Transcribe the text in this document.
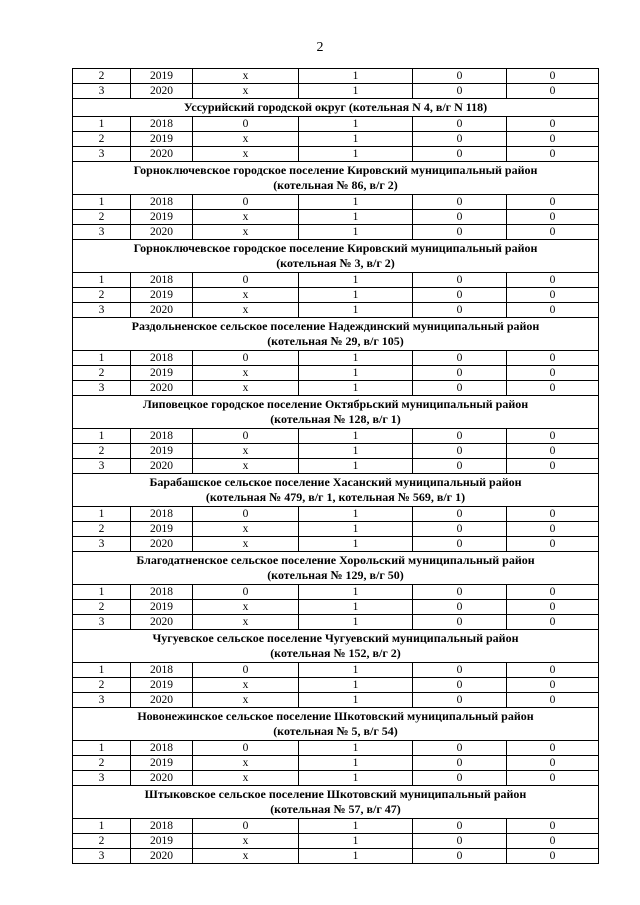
2
2	2019	x	1	0	0
3	2020	x	1	0	0

Уссурийский городской округ (котельная N 4, в/г N 118)					

1	2018	0	1	0	0
2	2019	x	1	0	0
3	2020	x	1	0	0

Горноключевское городское поселение Кировский муниципальный район
(котельная № 86, в/г 2)					

1	2018	0	1	0	0
2	2019	x	1	0	0
3	2020	x	1	0	0

Горноключевское городское поселение Кировский муниципальный район
(котельная № 3, в/г 2)					

1	2018	0	1	0	0
2	2019	x	1	0	0
3	2020	x	1	0	0

Раздольненское сельское поселение Надеждинский муниципальный район
(котельная № 29, в/г 105)					

1	2018	0	1	0	0
2	2019	x	1	0	0
3	2020	x	1	0	0

Липовецкое городское поселение Октябрьский муниципальный район
(котельная № 128, в/г 1)					

1	2018	0	1	0	0
2	2019	x	1	0	0
3	2020	x	1	0	0

Барабашское сельское поселение Хасанский муниципальный район
(котельная № 479, в/г 1, котельная № 569, в/г 1)					

1	2018	0	1	0	0
2	2019	x	1	0	0
3	2020	x	1	0	0

Благодатненское сельское поселение Хорольский муниципальный район
(котельная № 129, в/г 50)					

1	2018	0	1	0	0
2	2019	x	1	0	0
3	2020	x	1	0	0

Чугуевское сельское поселение Чугуевский муниципальный район
(котельная № 152, в/г 2)					

1	2018	0	1	0	0
2	2019	x	1	0	0
3	2020	x	1	0	0

Новонежинское сельское поселение Шкотовский муниципальный район
(котельная № 5, в/г 54)					

1	2018	0	1	0	0
2	2019	x	1	0	0
3	2020	x	1	0	0

Штыковское сельское поселение Шкотовский муниципальный район
(котельная № 57, в/г 47)					

1	2018	0	1	0	0
2	2019	x	1	0	0
3	2020	x	1	0	0
